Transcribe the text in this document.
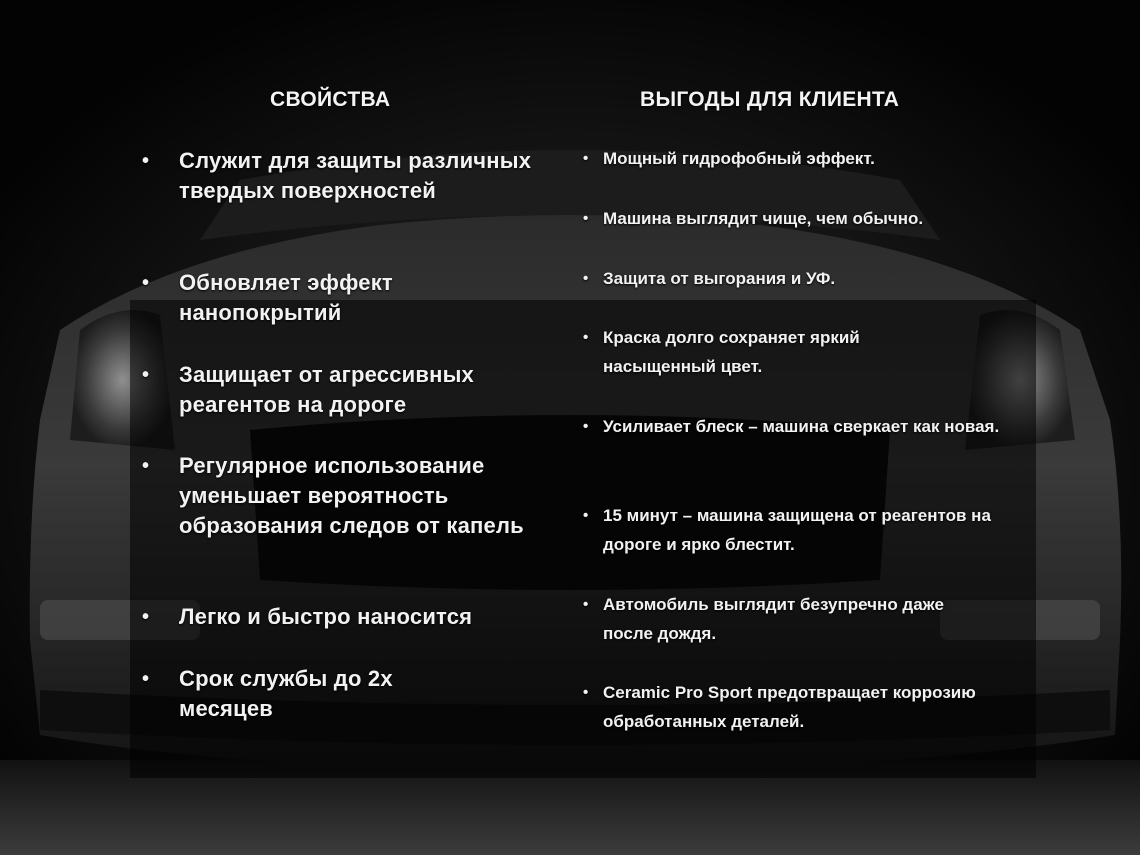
СВОЙСТВА
•	Служит для защиты различных твердых поверхностей
•	Обновляет эффект нанопокрытий
•	Защищает от агрессивных реагентов на дороге
•	Регулярное использование уменьшает вероятность образования следов от капель
•	Легко и быстро наносится
•	Срок службы до 2х месяцев
ВЫГОДЫ ДЛЯ КЛИЕНТА
• Мощный гидрофобный эффект.
• Машина выглядит чище, чем обычно.
• Защита от выгорания и УФ.
• Краска долго сохраняет яркий насыщенный цвет.
• Усиливает блеск – машина сверкает как новая.
• 15 минут – машина защищена от реагентов на дороге и ярко блестит.
• Автомобиль выглядит безупречно даже после дождя.
• Ceramic Pro Sport предотвращает коррозию обработанных деталей.
